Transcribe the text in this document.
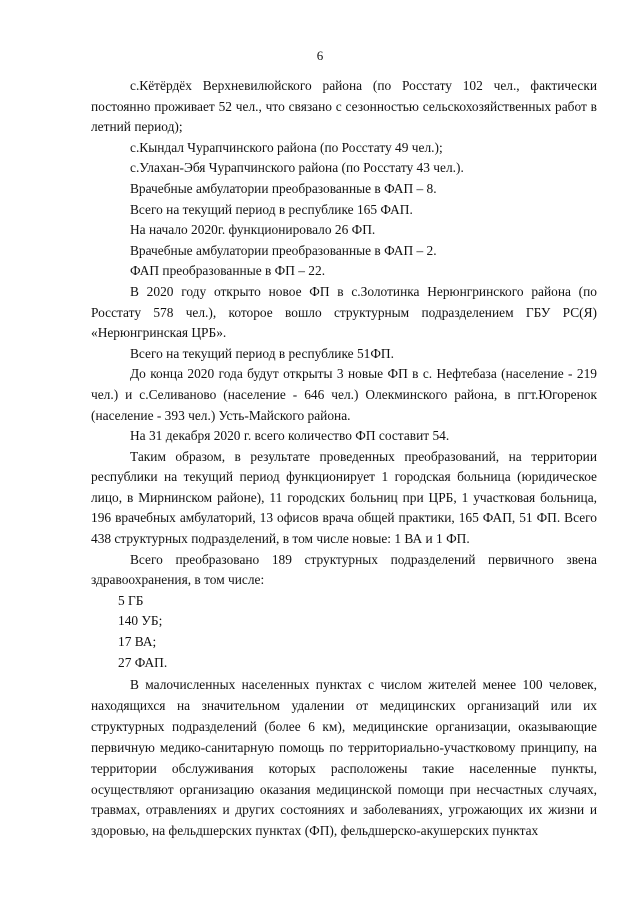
6

с.Кётёрдёх Верхневилюйского района (по Росстату 102 чел., фактически постоянно проживает 52 чел., что связано с сезонностью сельскохозяйственных работ в летний период);

с.Кындал Чурапчинского района (по Росстату 49 чел.);

с.Улахан-Эбя Чурапчинского района (по Росстату 43 чел.).

Врачебные амбулатории преобразованные в ФАП – 8.

Всего на текущий период в республике 165 ФАП.

На начало 2020г. функционировало 26 ФП.

Врачебные амбулатории преобразованные в ФАП – 2.

ФАП преобразованные в ФП – 22.

В 2020 году открыто новое ФП в с.Золотинка Нерюнгринского района (по Росстату 578 чел.), которое вошло структурным подразделением ГБУ РС(Я) «Нерюнгринская ЦРБ».

Всего на текущий период в республике 51ФП.

До конца 2020 года будут открыты 3 новые ФП в с. Нефтебаза (население - 219 чел.) и с.Селиваново (население - 646 чел.) Олекминского района, в пгт.Югоренок (население - 393 чел.) Усть-Майского района.

На 31 декабря 2020 г. всего количество ФП составит 54.

Таким образом, в результате проведенных преобразований, на территории республики на текущий период функционирует 1 городская больница (юридическое лицо, в Мирнинском районе), 11 городских больниц при ЦРБ, 1 участковая больница, 196 врачебных амбулаторий, 13 офисов врача общей практики, 165 ФАП, 51 ФП. Всего 438 структурных подразделений, в том числе новые: 1 ВА и 1 ФП.

Всего преобразовано 189 структурных подразделений первичного звена здравоохранения, в том числе:

5 ГБ

140 УБ;

17 ВА;

27 ФАП.

В малочисленных населенных пунктах с числом жителей менее 100 человек, находящихся на значительном удалении от медицинских организаций или их структурных подразделений (более 6 км), медицинские организации, оказывающие первичную медико-санитарную помощь по территориально-участковому принципу, на территории обслуживания которых расположены такие населенные пункты, осуществляют организацию оказания медицинской помощи при несчастных случаях, травмах, отравлениях и других состояниях и заболеваниях, угрожающих их жизни и здоровью, на фельдшерских пунктах (ФП), фельдшерско-акушерских пунктах
